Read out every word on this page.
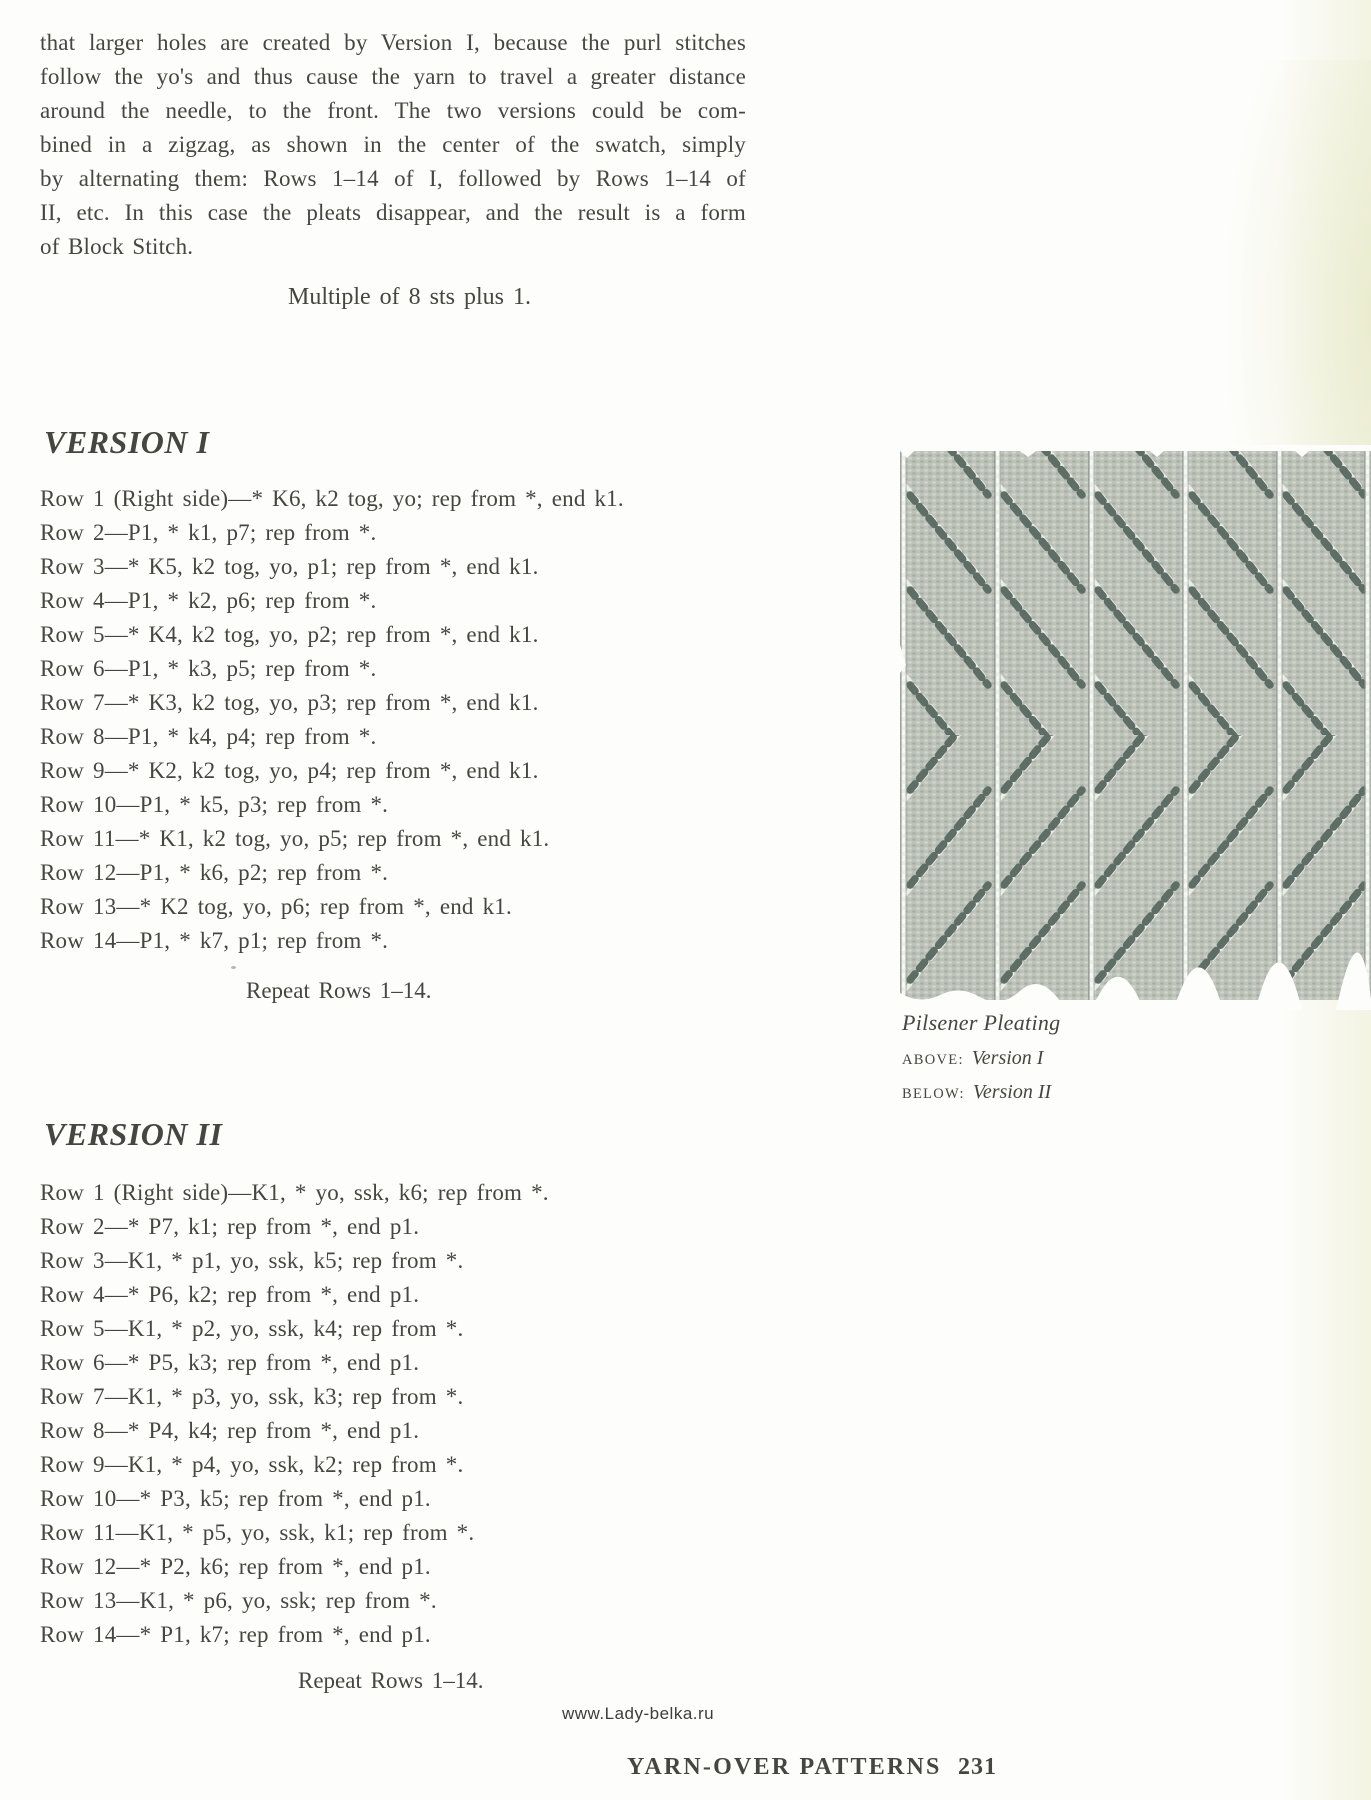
that larger holes are created by Version I, because the purl stitches
follow the yo's and thus cause the yarn to travel a greater distance
around the needle, to the front. The two versions could be com-
bined in a zigzag, as shown in the center of the swatch, simply
by alternating them: Rows 1–14 of I, followed by Rows 1–14 of
II, etc. In this case the pleats disappear, and the result is a form
of Block Stitch.
Multiple of 8 sts plus 1.
VERSION I
Row 1 (Right side)—* K6, k2 tog, yo; rep from *, end k1.
Row 2—P1, * k1, p7; rep from *.
Row 3—* K5, k2 tog, yo, p1; rep from *, end k1.
Row 4—P1, * k2, p6; rep from *.
Row 5—* K4, k2 tog, yo, p2; rep from *, end k1.
Row 6—P1, * k3, p5; rep from *.
Row 7—* K3, k2 tog, yo, p3; rep from *, end k1.
Row 8—P1, * k4, p4; rep from *.
Row 9—* K2, k2 tog, yo, p4; rep from *, end k1.
Row 10—P1, * k5, p3; rep from *.
Row 11—* K1, k2 tog, yo, p5; rep from *, end k1.
Row 12—P1, * k6, p2; rep from *.
Row 13—* K2 tog, yo, p6; rep from *, end k1.
Row 14—P1, * k7, p1; rep from *.
Repeat Rows 1–14.
Pilsener Pleating
ABOVE: Version I
BELOW: Version II
VERSION II
Row 1 (Right side)—K1, * yo, ssk, k6; rep from *.
Row 2—* P7, k1; rep from *, end p1.
Row 3—K1, * p1, yo, ssk, k5; rep from *.
Row 4—* P6, k2; rep from *, end p1.
Row 5—K1, * p2, yo, ssk, k4; rep from *.
Row 6—* P5, k3; rep from *, end p1.
Row 7—K1, * p3, yo, ssk, k3; rep from *.
Row 8—* P4, k4; rep from *, end p1.
Row 9—K1, * p4, yo, ssk, k2; rep from *.
Row 10—* P3, k5; rep from *, end p1.
Row 11—K1, * p5, yo, ssk, k1; rep from *.
Row 12—* P2, k6; rep from *, end p1.
Row 13—K1, * p6, yo, ssk; rep from *.
Row 14—* P1, k7; rep from *, end p1.
Repeat Rows 1–14.
www.Lady-belka.ru
YARN-OVER PATTERNS 231
